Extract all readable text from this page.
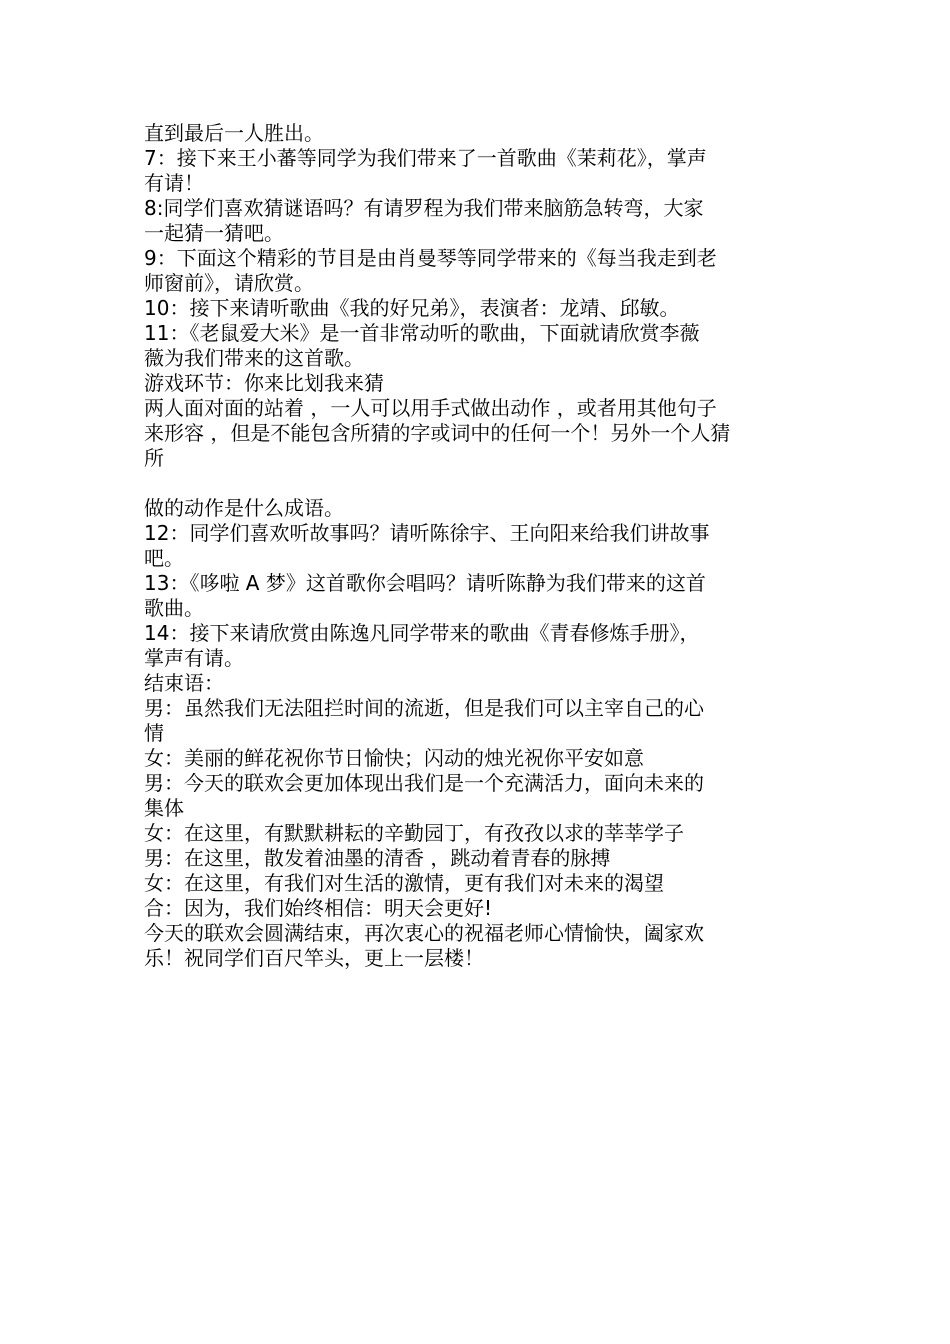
直到最后一人胜出。
7：接下来王小蕃等同学为我们带来了一首歌曲《茉莉花》，掌声
有请！
8:同学们喜欢猜谜语吗？有请罗程为我们带来脑筋急转弯，大家
一起猜一猜吧。
9：下面这个精彩的节目是由肖曼琴等同学带来的《每当我走到老
师窗前》，请欣赏。
10：接下来请听歌曲《我的好兄弟》，表演者：龙靖、邱敏。
11：《老鼠爱大米》是一首非常动听的歌曲，下面就请欣赏李薇
薇为我们带来的这首歌。
游戏环节：你来比划我来猜
两人面对面的站着 ，一人可以用手式做出动作 ，或者用其他句子
来形容 ，但是不能包含所猜的字或词中的任何一个！另外一个人猜
所
做的动作是什么成语。
12：同学们喜欢听故事吗？请听陈徐宇、王向阳来给我们讲故事
吧。
13：《哆啦 A 梦》这首歌你会唱吗？请听陈静为我们带来的这首
歌曲。
14：接下来请欣赏由陈逸凡同学带来的歌曲《青春修炼手册》，
掌声有请。
结束语：
男：虽然我们无法阻拦时间的流逝，但是我们可以主宰自己的心
情
女：美丽的鲜花祝你节日愉快；闪动的烛光祝你平安如意
男：今天的联欢会更加体现出我们是一个充满活力，面向未来的
集体
女：在这里，有默默耕耘的辛勤园丁，有孜孜以求的莘莘学子
男：在这里，散发着油墨的清香 ，跳动着青春的脉搏
女：在这里，有我们对生活的激情，更有我们对未来的渴望
合：因为，我们始终相信：明天会更好!
今天的联欢会圆满结束，再次衷心的祝福老师心情愉快，阖家欢
乐！祝同学们百尺竿头，更上一层楼！
